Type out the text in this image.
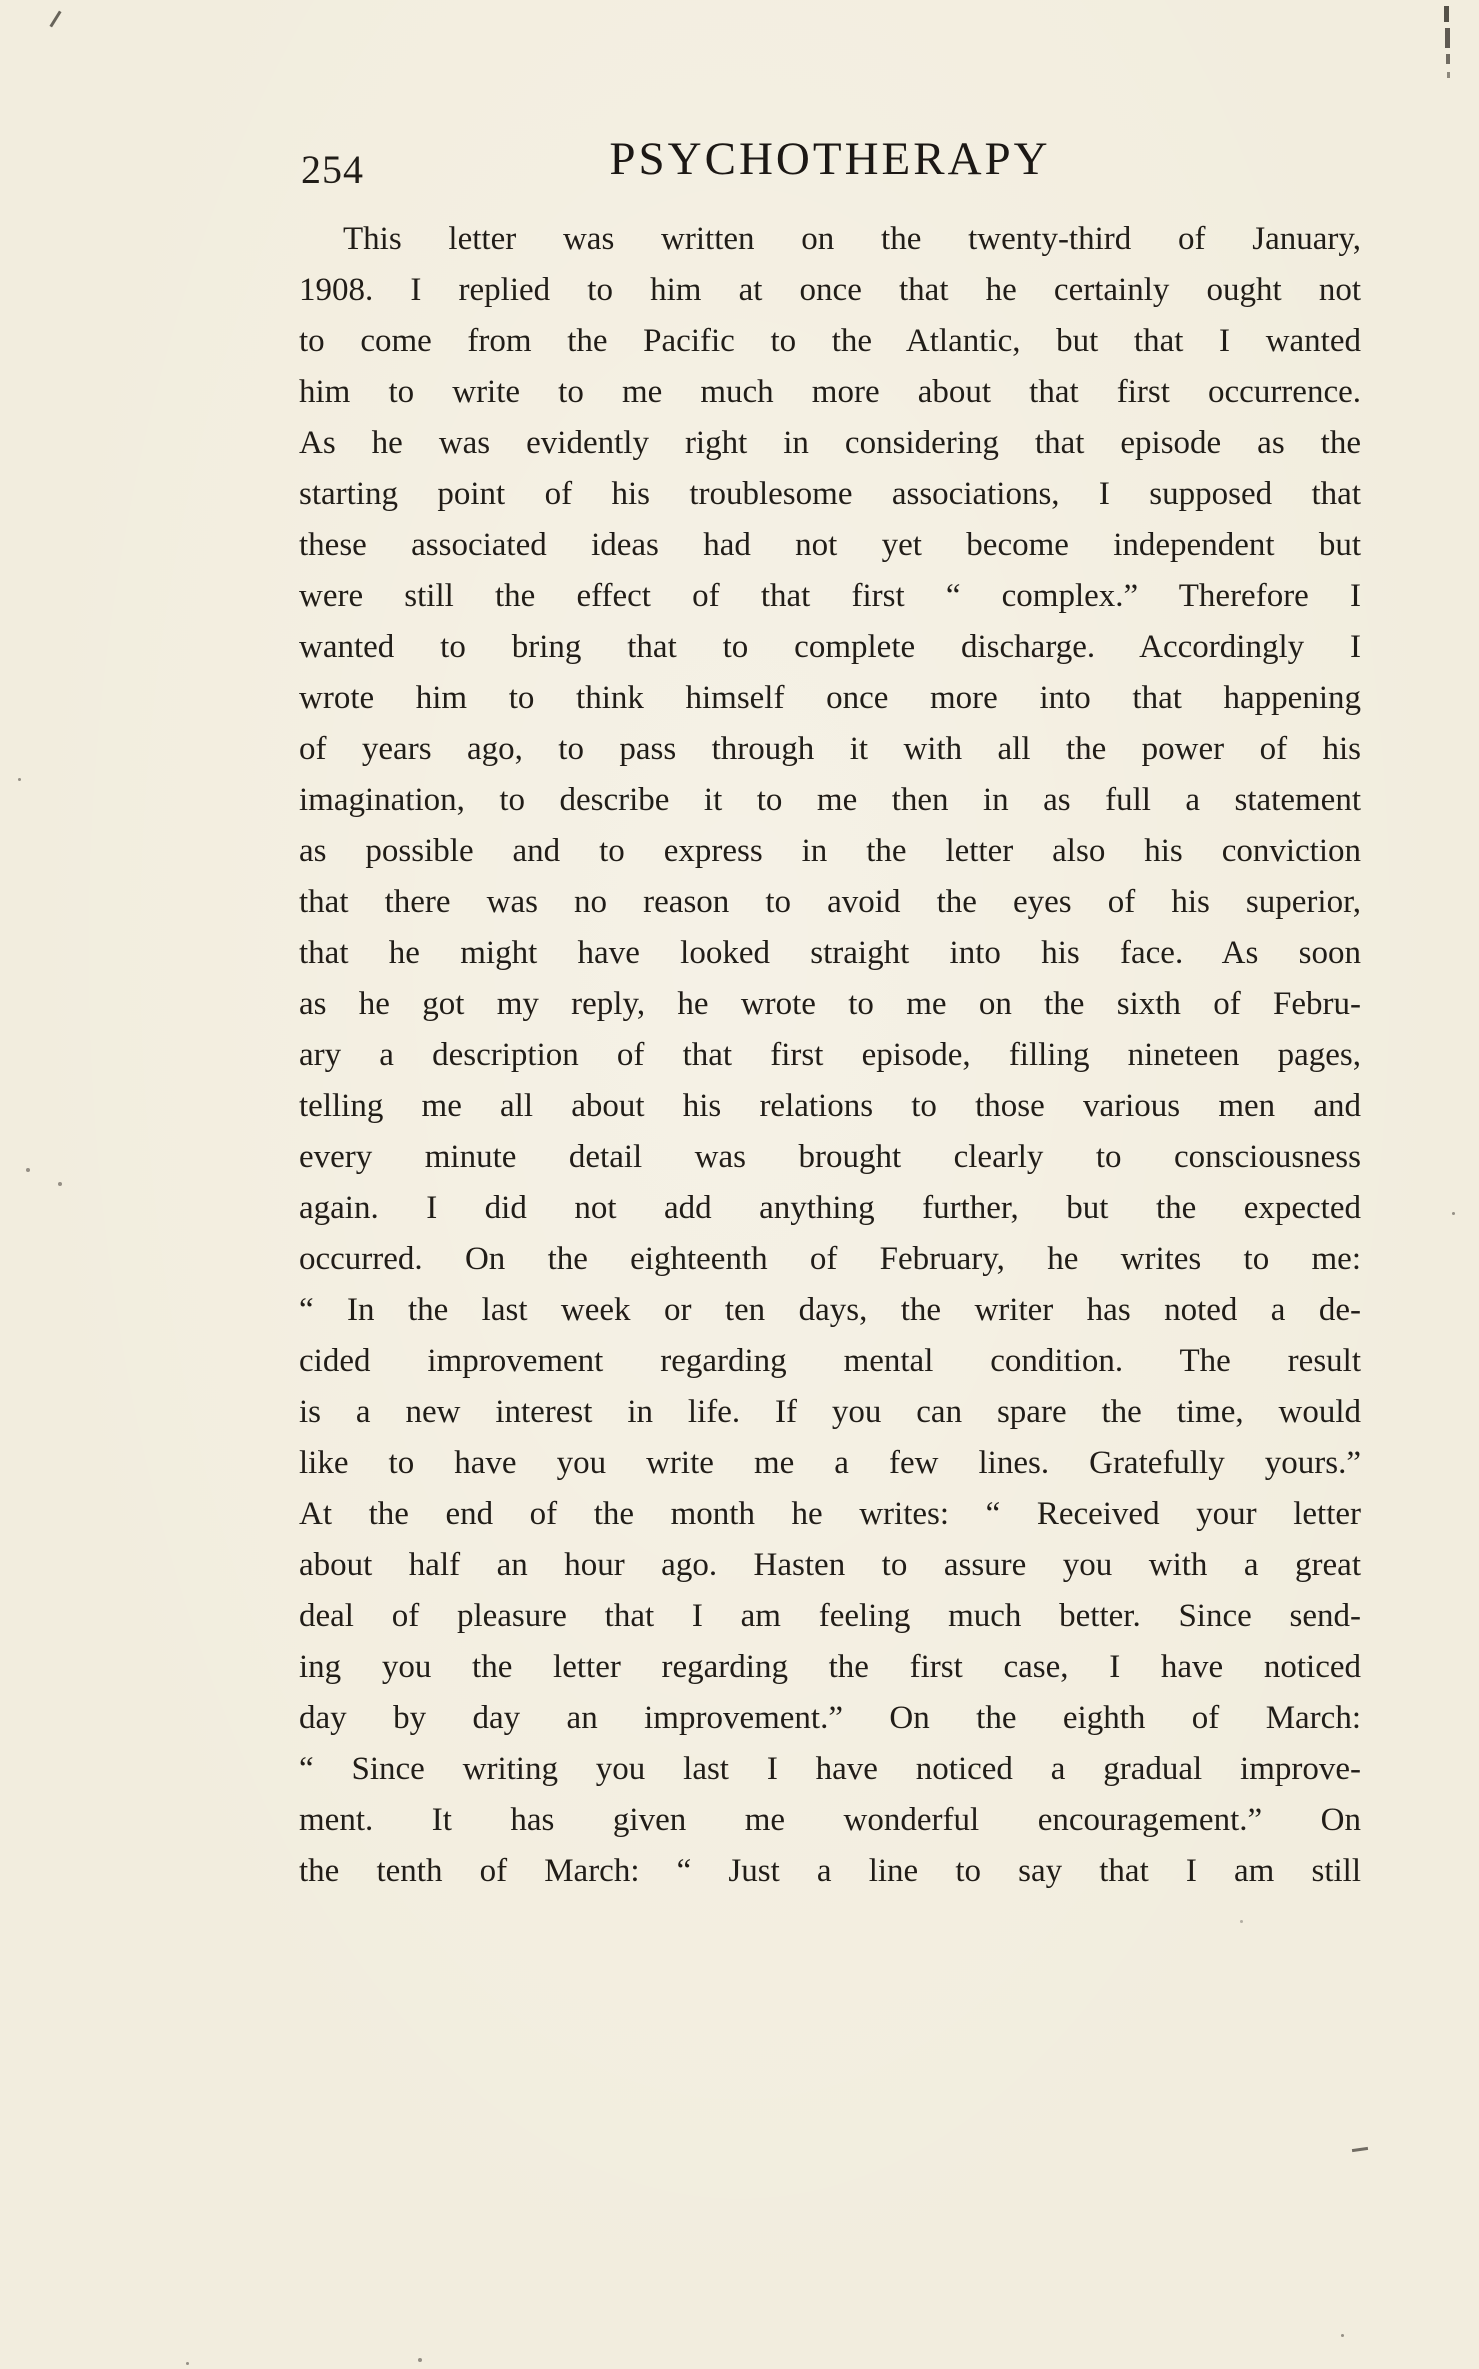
254	PSYCHOTHERAPY
This letter was written on the twenty-third of January,
1908. I replied to him at once that he certainly ought not
to come from the Pacific to the Atlantic, but that I wanted
him to write to me much more about that first occurrence.
As he was evidently right in considering that episode as the
starting point of his troublesome associations, I supposed that
these associated ideas had not yet become independent but
were still the effect of that first “ complex.” Therefore I
wanted to bring that to complete discharge. Accordingly I
wrote him to think himself once more into that happening
of years ago, to pass through it with all the power of his
imagination, to describe it to me then in as full a statement
as possible and to express in the letter also his conviction
that there was no reason to avoid the eyes of his superior,
that he might have looked straight into his face. As soon
as he got my reply, he wrote to me on the sixth of Febru-
ary a description of that first episode, filling nineteen pages,
telling me all about his relations to those various men and
every minute detail was brought clearly to consciousness
again. I did not add anything further, but the expected
occurred. On the eighteenth of February, he writes to me:
“ In the last week or ten days, the writer has noted a de-
cided improvement regarding mental condition. The result
is a new interest in life. If you can spare the time, would
like to have you write me a few lines. Gratefully yours.”
At the end of the month he writes: “ Received your letter
about half an hour ago. Hasten to assure you with a great
deal of pleasure that I am feeling much better. Since send-
ing you the letter regarding the first case, I have noticed
day by day an improvement.” On the eighth of March:
“ Since writing you last I have noticed a gradual improve-
ment. It has given me wonderful encouragement.” On
the tenth of March: “ Just a line to say that I am still
